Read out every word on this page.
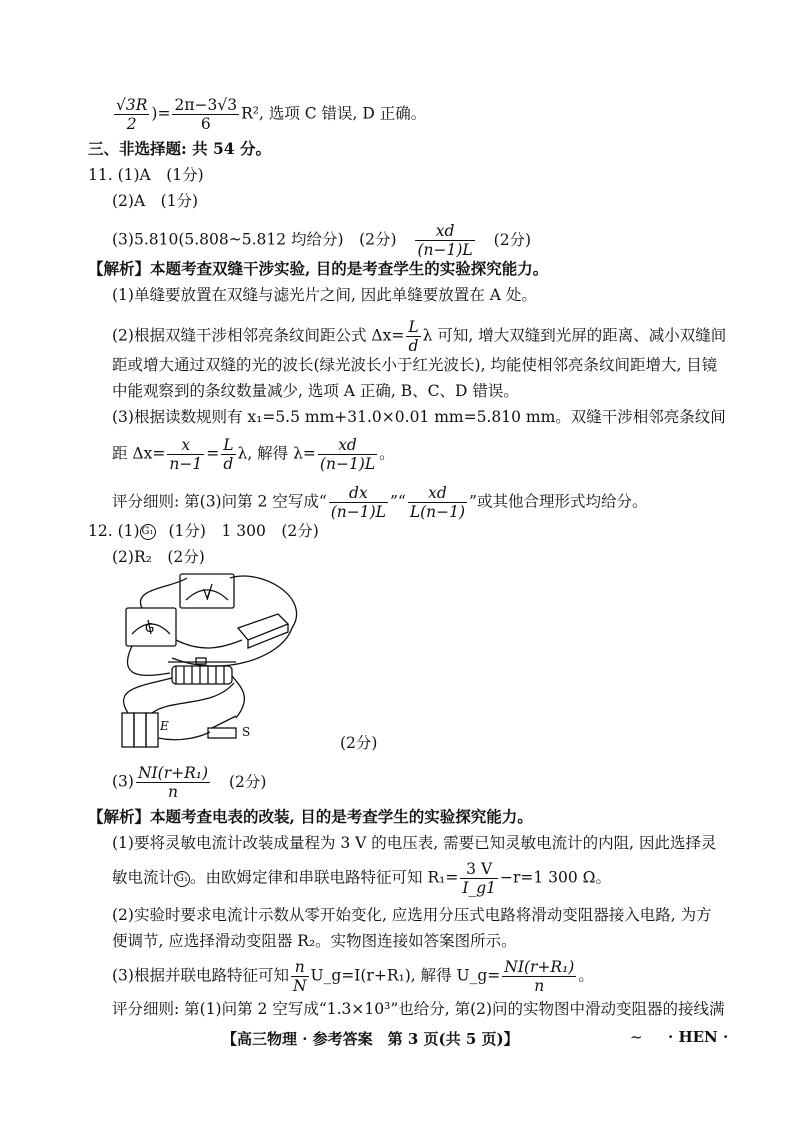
$\frac{√3R}{2}$ )= $\frac{2\pi-3√3}{6} R^2$, 选项 C 错误, D 正确。
三、非选择题: 共 54 分。
11. (1)A　(1分)
(2)A　(1分)
(3)5.810(5.808~5.812 均给分)　(2分) $\frac{xd}{(n-1)L} (2$分)
【解析】本题考查双缝干涉实验, 目的是考查学生的实验探究能力。
(1)单缝要放置在双缝与滤光片之间, 因此单缝要放置在 A 处。
(2)根据双缝干涉相邻亮条纹间距公式 $\Delta x= \frac{L}{d}$ λ 可知, 增大双缝到光屏的距离、减小双缝间
距或增大通过双缝的光的波长(绿光波长小于红光波长), 均能使相邻亮条纹间距增大, 目镜
中能观察到的条纹数量减少, 选项 A 正确, B、C、D 错误。
(3)根据读数规则有 x₁=5.5 mm+31.0×0.01 mm=5.810 mm。双缝干涉相邻亮条纹间
距 $\Delta x= \frac{x}{n-1} = \frac{L}{d} \lambda$, 解得 $\lambda= \frac{xd}{(n-1)L}$ 。
评分细则: 第(3)问第 2 空写成“ $\frac{dx}{(n-1)L}$ ”“ $\frac{xd}{L(n-1)}$ ”或其他合理形式均给分。
12. (1) G₁ (1分)　1 300　(2分)
(2)R₂　(2分)
V
G
E	S
(2分)
$(3) \frac{\text{NI(r+R₁)}}{n} (2$分)
【解析】本题考查电表的改装, 目的是考查学生的实验探究能力。
(1)要将灵敏电流计改装成量程为 3 V 的电压表, 需要已知灵敏电流计的内阻, 因此选择灵
敏电流计 G₁ 。由欧姆定律和串联电路特征可知 $R_1= \frac{3 V}{I\_g1} -r=1$ 300 Ω。
(2)实验时要求电流计示数从零开始变化, 应选用分压式电路将滑动变阻器接入电路, 为方
便调节, 应选择滑动变阻器 R₂。实物图连接如答案图所示。
(3)根据并联电路特征可知 $\frac{n}{N}$ U_g=I(r+R₁), 解得 U_g= $\frac{\text{NI(r+R₁)}}{n}$ 。
评分细则: 第(1)问第 2 空写成“1.3×10³”也给分, 第(2)问的实物图中滑动变阻器的接线满
【高三物理 · 参考答案　第 3 页(共 5 页)】	~ · HEN ·
